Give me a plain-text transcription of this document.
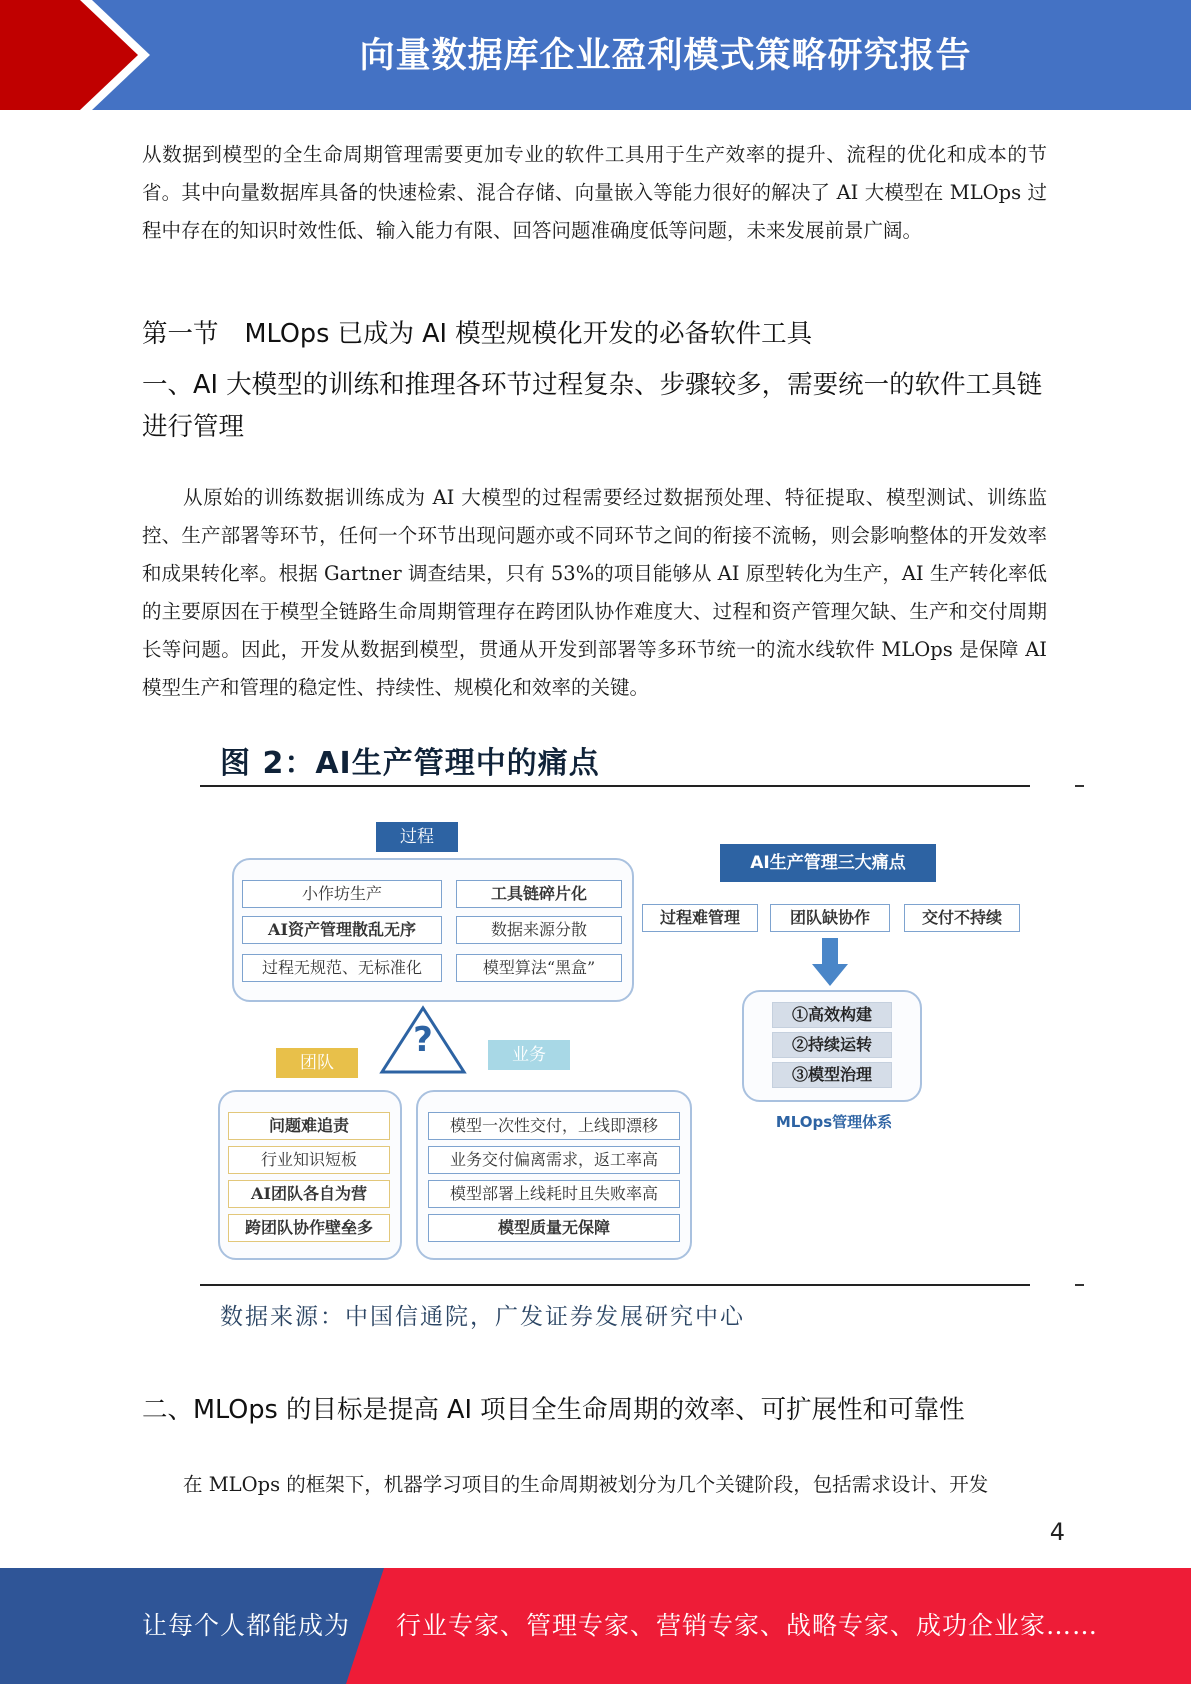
向量数据库企业盈利模式策略研究报告

从数据到模型的全生命周期管理需要更加专业的软件工具用于生产效率的提升、流程的优化和成本的节省。其中向量数据库具备的快速检索、混合存储、向量嵌入等能力很好的解决了 AI 大模型在 MLOps 过程中存在的知识时效性低、输入能力有限、回答问题准确度低等问题，未来发展前景广阔。

第一节 MLOps 已成为 AI 模型规模化开发的必备软件工具
一、AI 大模型的训练和推理各环节过程复杂、步骤较多，需要统一的软件工具链进行管理

从原始的训练数据训练成为 AI 大模型的过程需要经过数据预处理、特征提取、模型测试、训练监控、生产部署等环节，任何一个环节出现问题亦或不同环节之间的衔接不流畅，则会影响整体的开发效率和成果转化率。根据 Gartner 调查结果，只有 53%的项目能够从 AI 原型转化为生产，AI 生产转化率低的主要原因在于模型全链路生命周期管理存在跨团队协作难度大、过程和资产管理欠缺、生产和交付周期长等问题。因此，开发从数据到模型，贯通从开发到部署等多环节统一的流水线软件 MLOps 是保障 AI 模型生产和管理的稳定性、持续性、规模化和效率的关键。

图 2：AI生产管理中的痛点
过程
小作坊生产	工具链碎片化
AI资产管理散乱无序	数据来源分散
过程无规范、无标准化	模型算法“黑盒”
?
团队
问题难追责
行业知识短板
AI团队各自为营
跨团队协作壁垒多
业务
模型一次性交付，上线即漂移
业务交付偏离需求，返工率高
模型部署上线耗时且失败率高
模型质量无保障
AI生产管理三大痛点
过程难管理	团队缺协作	交付不持续
①高效构建
②持续运转
③模型治理
MLOps管理体系
数据来源：中国信通院，广发证券发展研究中心
二、MLOps 的目标是提高 AI 项目全生命周期的效率、可扩展性和可靠性

在 MLOps 的框架下，机器学习项目的生命周期被划分为几个关键阶段，包括需求设计、开发

4
让每个人都能成为 行业专家、管理专家、营销专家、战略专家、成功企业家……
